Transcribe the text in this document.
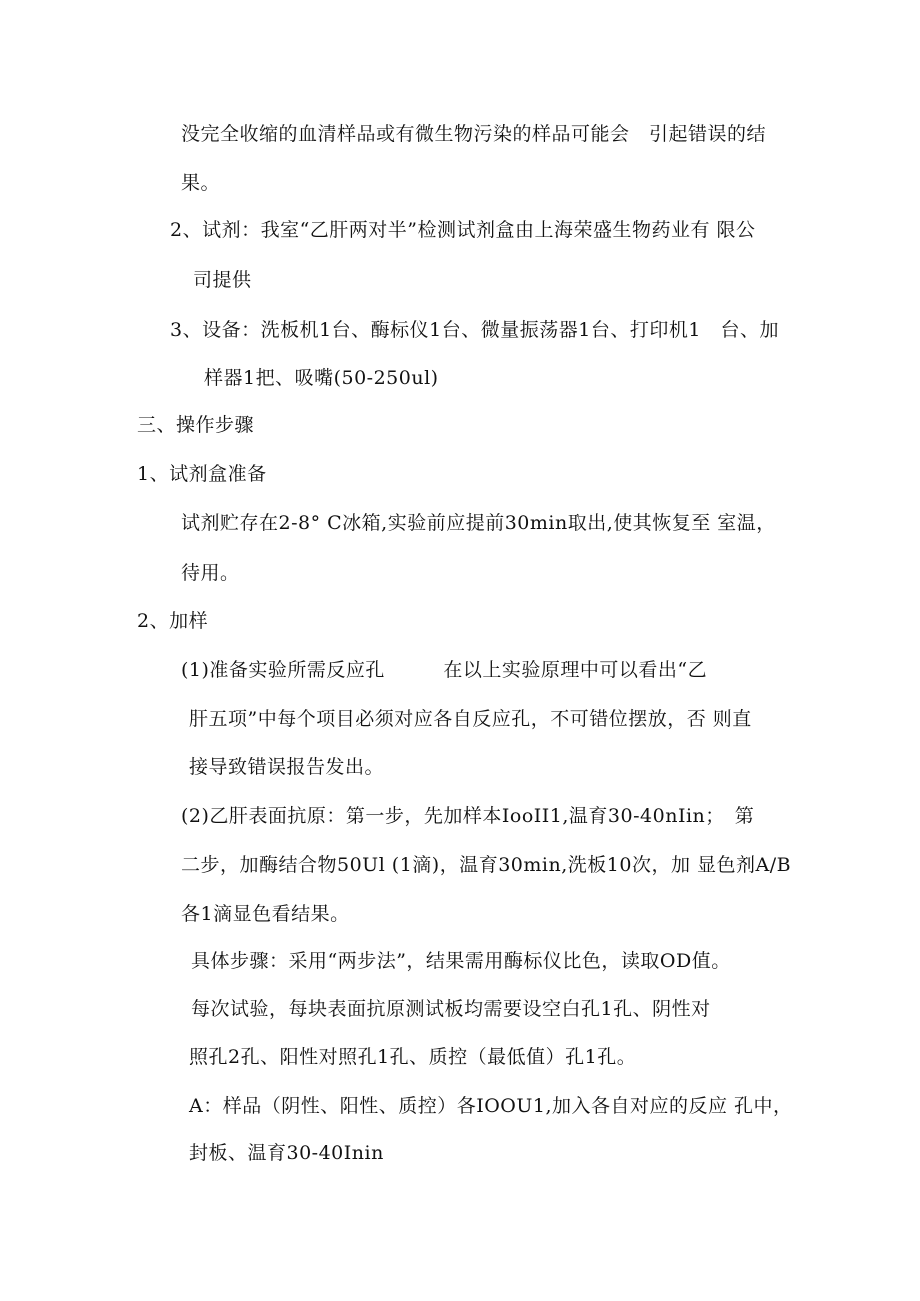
没完全收缩的血清样品或有微生物污染的样品可能会　引起错误的结
果。
2、试剂：我室“乙肝两对半”检测试剂盒由上海荣盛生物药业有 限公
司提供
3、设备：洗板机1台、酶标仪1台、微量振荡器1台、打印机1　台、加
样器1把、吸嘴(50-250ul)
三、操作步骤
1、试剂盒准备
试剂贮存在2-8° C冰箱,实验前应提前30min取出,使其恢复至 室温，
待用。
2、加样
(1)准备实验所需反应孔　　　在以上实验原理中可以看出“乙
肝五项”中每个项目必须对应各自反应孔，不可错位摆放，否 则直
接导致错误报告发出。
(2)乙肝表面抗原：第一步，先加样本IooII1,温育30-40nIin；　第
二步，加酶结合物50Ul (1滴)，温育30min,洗板10次，加 显色剂A/B
各1滴显色看结果。
具体步骤：采用“两步法”，结果需用酶标仪比色，读取OD值。
每次试验，每块表面抗原测试板均需要设空白孔1孔、阴性对
照孔2孔、阳性对照孔1孔、质控（最低值）孔1孔。
A：样品（阴性、阳性、质控）各IOOU1,加入各自对应的反应 孔中，
封板、温育30-40Inin
